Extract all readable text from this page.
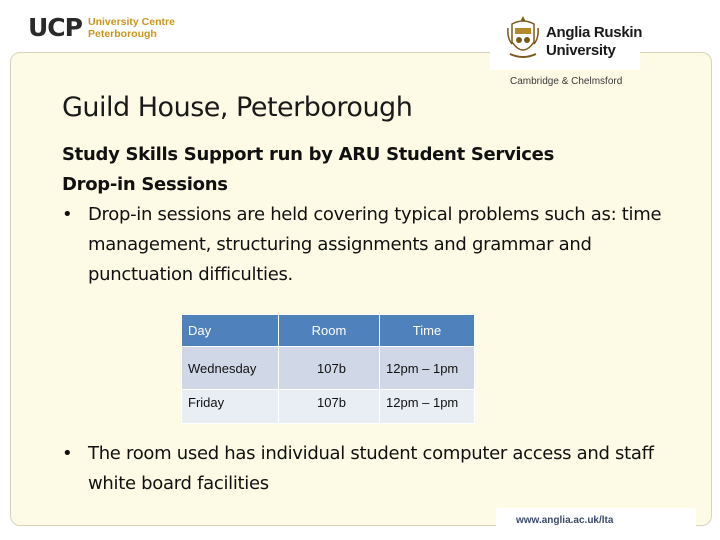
UCP University Centre
Peterborough	Anglia Ruskin
University
Cambridge & Chelmsford
Guild House, Peterborough
Study Skills Support run by ARU Student Services
Drop-in Sessions
• Drop-in sessions are held covering typical problems such as: time management, structuring assignments and grammar and punctuation difficulties.
Day	Room	Time
Wednesday	107b	12pm – 1pm
Friday	107b	12pm – 1pm
• The room used has individual student computer access and staff white board facilities
www.anglia.ac.uk/lta
